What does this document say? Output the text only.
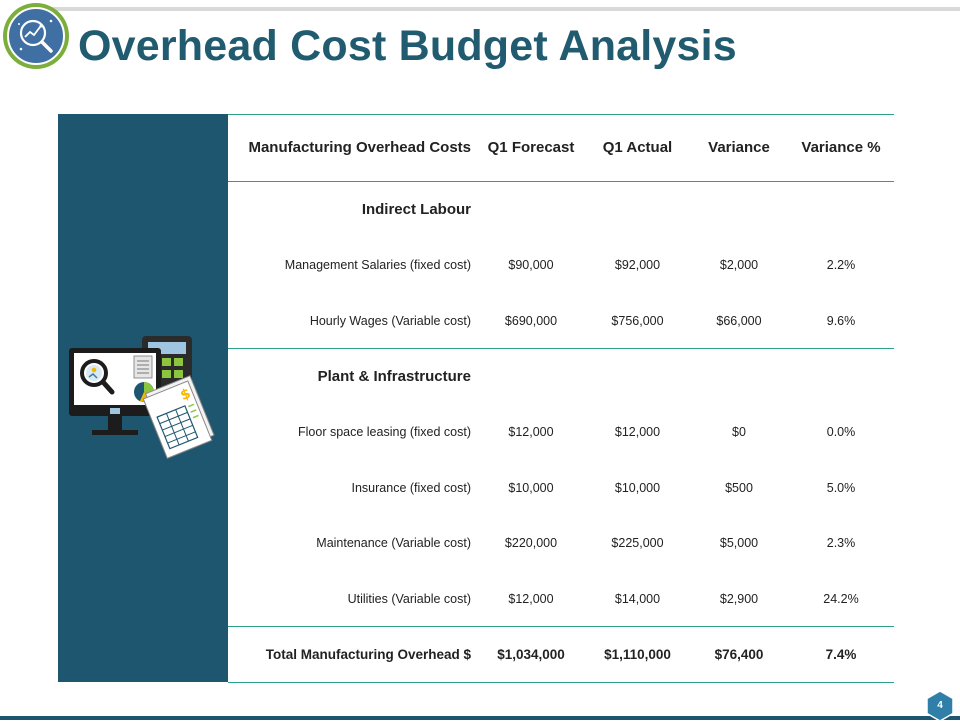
Overhead Cost Budget Analysis
$
Manufacturing Overhead Costs	Q1 Forecast	Q1 Actual	Variance	Variance %
Indirect Labour				
Management Salaries (fixed cost)	$90,000	$92,000	$2,000	2.2%
Hourly Wages (Variable cost)	$690,000	$756,000	$66,000	9.6%
Plant & Infrastructure				
Floor space leasing (fixed cost)	$12,000	$12,000	$0	0.0%
Insurance (fixed cost)	$10,000	$10,000	$500	5.0%
Maintenance (Variable cost)	$220,000	$225,000	$5,000	2.3%
Utilities (Variable cost)	$12,000	$14,000	$2,900	24.2%
Total Manufacturing Overhead $	$1,034,000	$1,110,000	$76,400	7.4%
4
